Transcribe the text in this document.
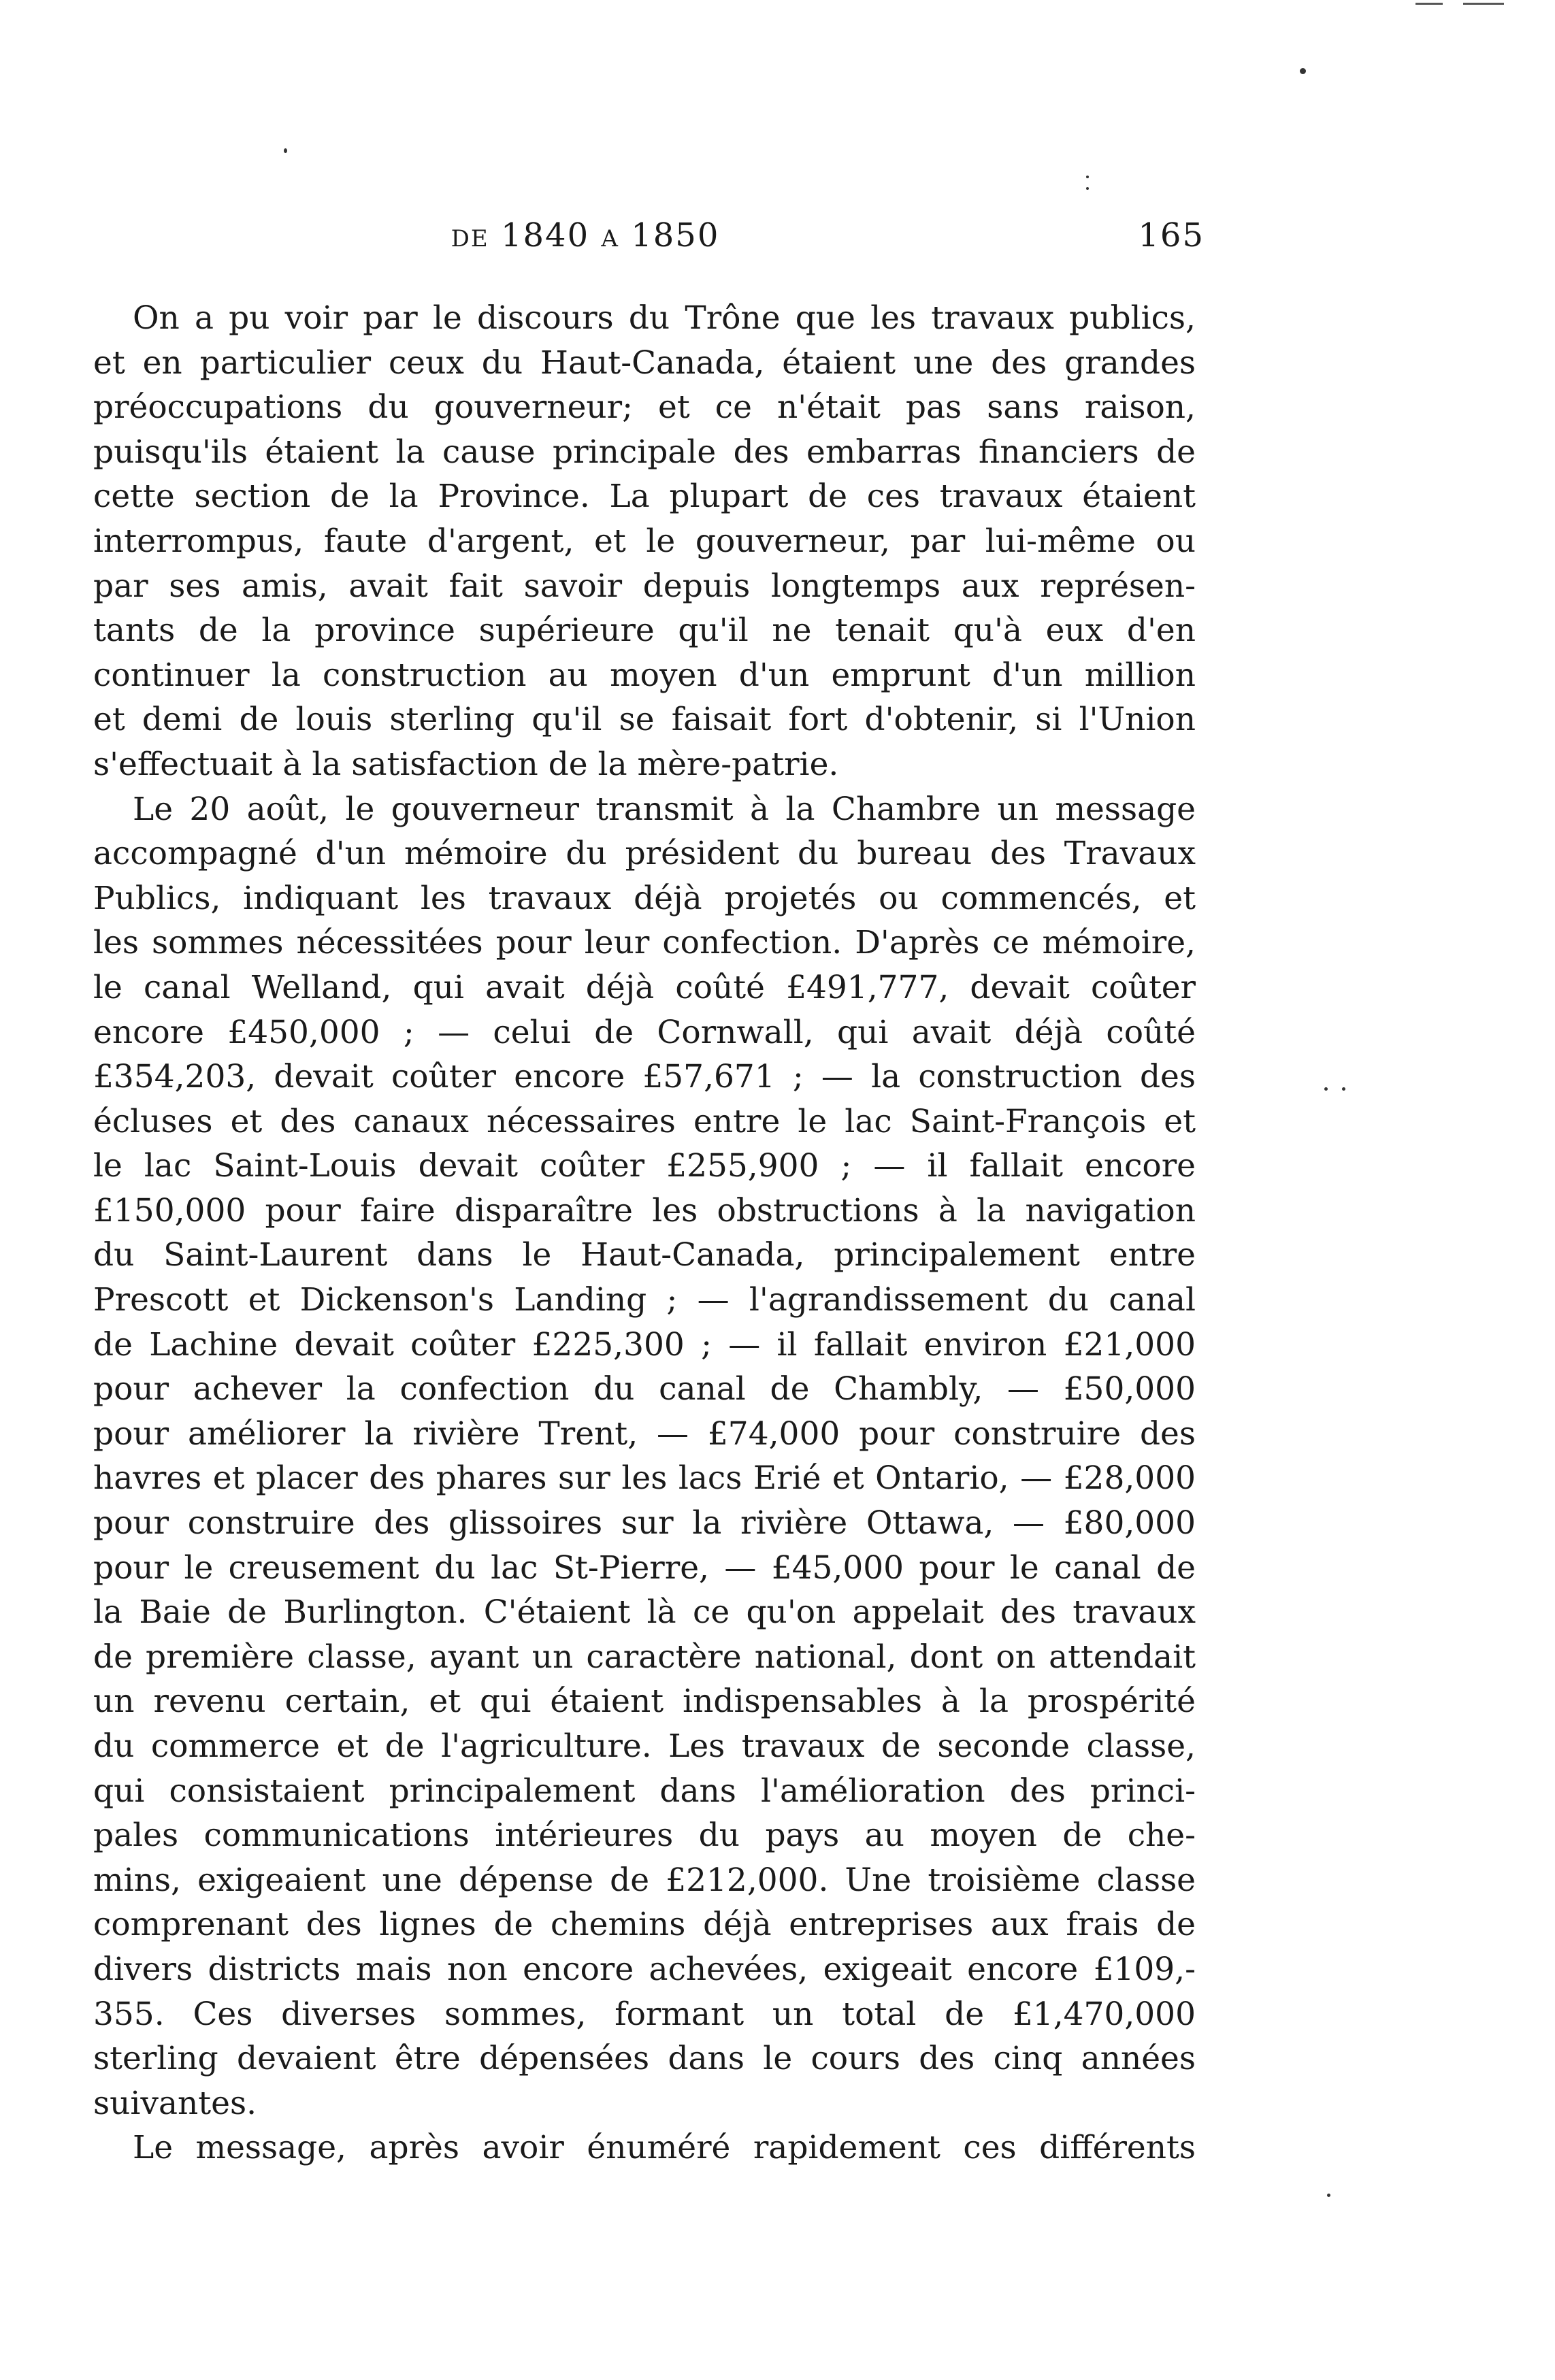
de 1840 a 1850	165
On a pu voir par le discours du Trône que les travaux publics,
et en particulier ceux du Haut-Canada, étaient une des grandes
préoccupations du gouverneur; et ce n'était pas sans raison,
puisqu'ils étaient la cause principale des embarras financiers de
cette section de la Province. La plupart de ces travaux étaient
interrompus, faute d'argent, et le gouverneur, par lui-même ou
par ses amis, avait fait savoir depuis longtemps aux représen-
tants de la province supérieure qu'il ne tenait qu'à eux d'en
continuer la construction au moyen d'un emprunt d'un million
et demi de louis sterling qu'il se faisait fort d'obtenir, si l'Union
s'effectuait à la satisfaction de la mère-patrie.
Le 20 août, le gouverneur transmit à la Chambre un message
accompagné d'un mémoire du président du bureau des Travaux
Publics, indiquant les travaux déjà projetés ou commencés, et
les sommes nécessitées pour leur confection. D'après ce mémoire,
le canal Welland, qui avait déjà coûté £491,777, devait coûter
encore £450,000 ; — celui de Cornwall, qui avait déjà coûté
£354,203, devait coûter encore £57,671 ; — la construction des
écluses et des canaux nécessaires entre le lac Saint-François et
le lac Saint-Louis devait coûter £255,900 ; — il fallait encore
£150,000 pour faire disparaître les obstructions à la navigation
du Saint-Laurent dans le Haut-Canada, principalement entre
Prescott et Dickenson's Landing ; — l'agrandissement du canal
de Lachine devait coûter £225,300 ; — il fallait environ £21,000
pour achever la confection du canal de Chambly, — £50,000
pour améliorer la rivière Trent, — £74,000 pour construire des
havres et placer des phares sur les lacs Erié et Ontario, — £28,000
pour construire des glissoires sur la rivière Ottawa, — £80,000
pour le creusement du lac St-Pierre, — £45,000 pour le canal de
la Baie de Burlington. C'étaient là ce qu'on appelait des travaux
de première classe, ayant un caractère national, dont on attendait
un revenu certain, et qui étaient indispensables à la prospérité
du commerce et de l'agriculture. Les travaux de seconde classe,
qui consistaient principalement dans l'amélioration des princi-
pales communications intérieures du pays au moyen de che-
mins, exigeaient une dépense de £212,000. Une troisième classe
comprenant des lignes de chemins déjà entreprises aux frais de
divers districts mais non encore achevées, exigeait encore £109,-
355. Ces diverses sommes, formant un total de £1,470,000
sterling devaient être dépensées dans le cours des cinq années
suivantes.
Le message, après avoir énuméré rapidement ces différents
